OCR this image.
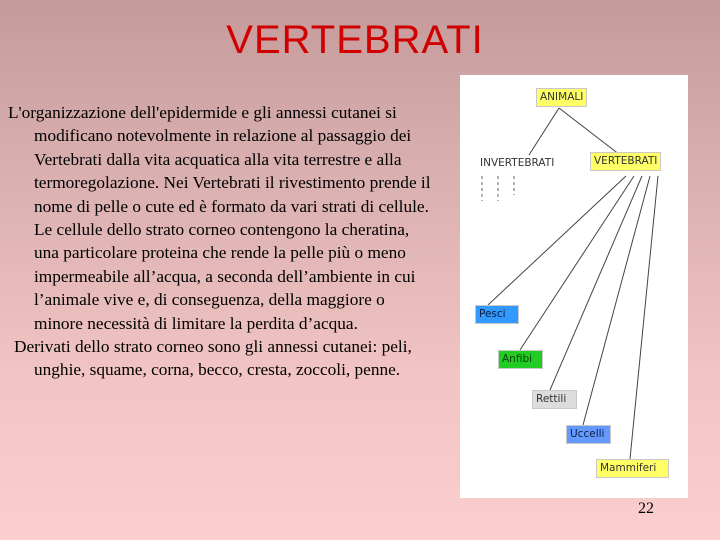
VERTEBRATI

L'organizzazione dell'epidermide e gli annessi cutanei si modificano notevolmente in relazione al passaggio dei Vertebrati dalla vita acquatica alla vita terrestre e alla termoregolazione. Nei Vertebrati il rivestimento prende il nome di pelle o cute ed è formato da vari strati di cellule. Le cellule dello strato corneo contengono la cheratina, una particolare proteina che rende la pelle più o meno impermeabile all’acqua, a seconda dell’ambiente in cui l’animale vive e, di conseguenza, della maggiore o minore necessità di limitare la perdita d’acqua.

Derivati dello strato corneo sono gli annessi cutanei: peli, unghie, squame, corna, becco, cresta, zoccoli, penne.

ANIMALI
INVERTEBRATI	VERTEBRATI
Pesci
Anfibi
Rettili
Uccelli
Mammiferi
22
